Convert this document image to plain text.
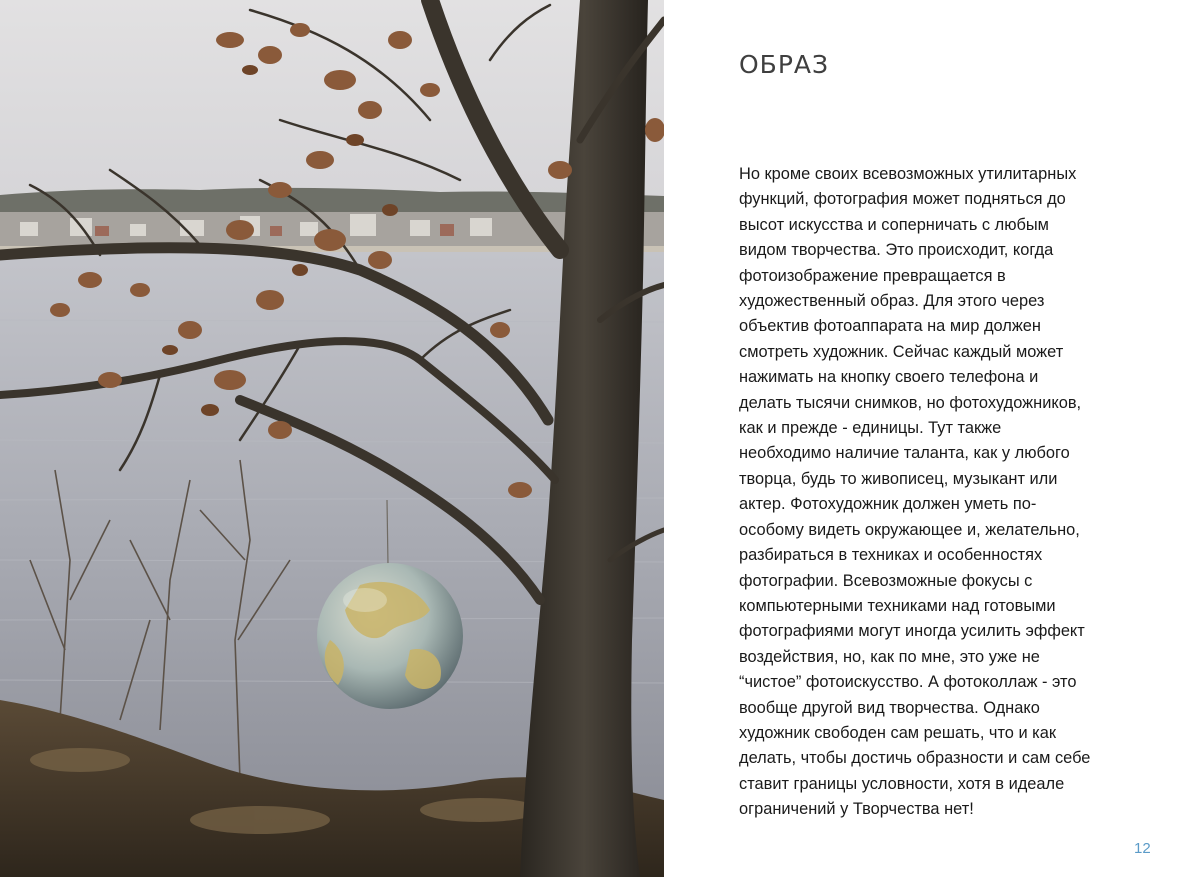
ОБРАЗ

Но кроме своих всевозможных утилитарных
функций, фотография может подняться до
высот искусства и соперничать с любым
видом творчества. Это происходит, когда
фотоизображение превращается в
художественный образ. Для этого через
объектив фотоаппарата на мир должен
смотреть художник. Сейчас каждый может
нажимать на кнопку своего телефона и
делать тысячи снимков, но фотохудожников,
как и прежде - единицы. Тут также
необходимо наличие таланта, как у любого
творца, будь то живописец, музыкант или
актер. Фотохудожник должен уметь по-
особому видеть окружающее и, желательно,
разбираться в техниках и особенностях
фотографии. Всевозможные фокусы с
компьютерными техниками над готовыми
фотографиями могут иногда усилить эффект
воздействия, но, как по мне, это уже не
“чистое” фотоискусство. А фотоколлаж - это
вообще другой вид творчества. Однако
художник свободен сам решать, что и как
делать, чтобы достичь образности и сам себе
ставит границы условности, хотя в идеале
ограничений у Творчества нет!

12
